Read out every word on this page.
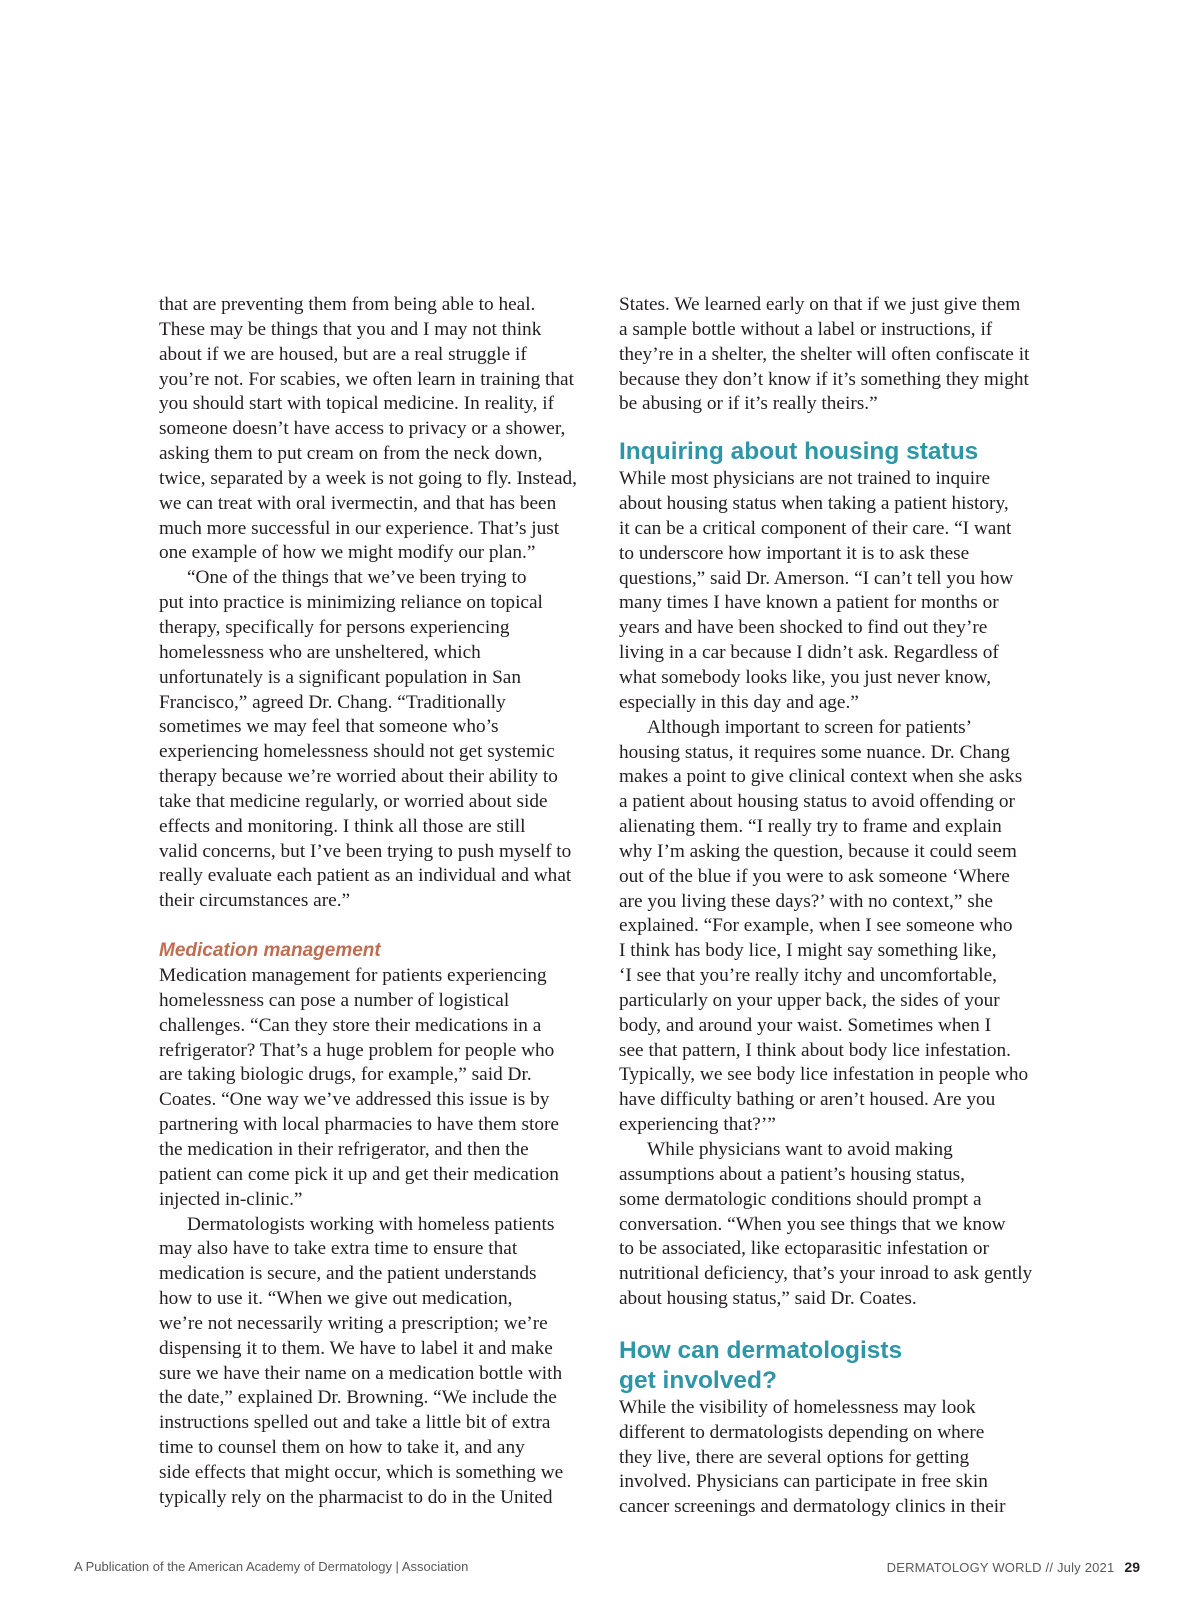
that are preventing them from being able to heal.
These may be things that you and I may not think
about if we are housed, but are a real struggle if
you’re not. For scabies, we often learn in training that
you should start with topical medicine. In reality, if
someone doesn’t have access to privacy or a shower,
asking them to put cream on from the neck down,
twice, separated by a week is not going to fly. Instead,
we can treat with oral ivermectin, and that has been
much more successful in our experience. That’s just
one example of how we might modify our plan.”

“One of the things that we’ve been trying to
put into practice is minimizing reliance on topical
therapy, specifically for persons experiencing
homelessness who are unsheltered, which
unfortunately is a significant population in San
Francisco,” agreed Dr. Chang. “Traditionally
sometimes we may feel that someone who’s
experiencing homelessness should not get systemic
therapy because we’re worried about their ability to
take that medicine regularly, or worried about side
effects and monitoring. I think all those are still
valid concerns, but I’ve been trying to push myself to
really evaluate each patient as an individual and what
their circumstances are.”

Medication management

Medication management for patients experiencing
homelessness can pose a number of logistical
challenges. “Can they store their medications in a
refrigerator? That’s a huge problem for people who
are taking biologic drugs, for example,” said Dr.
Coates. “One way we’ve addressed this issue is by
partnering with local pharmacies to have them store
the medication in their refrigerator, and then the
patient can come pick it up and get their medication
injected in-clinic.”

Dermatologists working with homeless patients
may also have to take extra time to ensure that
medication is secure, and the patient understands
how to use it. “When we give out medication,
we’re not necessarily writing a prescription; we’re
dispensing it to them. We have to label it and make
sure we have their name on a medication bottle with
the date,” explained Dr. Browning. “We include the
instructions spelled out and take a little bit of extra
time to counsel them on how to take it, and any
side effects that might occur, which is something we
typically rely on the pharmacist to do in the United

States. We learned early on that if we just give them
a sample bottle without a label or instructions, if
they’re in a shelter, the shelter will often confiscate it
because they don’t know if it’s something they might
be abusing or if it’s really theirs.”

Inquiring about housing status

While most physicians are not trained to inquire
about housing status when taking a patient history,
it can be a critical component of their care. “I want
to underscore how important it is to ask these
questions,” said Dr. Amerson. “I can’t tell you how
many times I have known a patient for months or
years and have been shocked to find out they’re
living in a car because I didn’t ask. Regardless of
what somebody looks like, you just never know,
especially in this day and age.”

Although important to screen for patients’
housing status, it requires some nuance. Dr. Chang
makes a point to give clinical context when she asks
a patient about housing status to avoid offending or
alienating them. “I really try to frame and explain
why I’m asking the question, because it could seem
out of the blue if you were to ask someone ‘Where
are you living these days?’ with no context,” she
explained. “For example, when I see someone who
I think has body lice, I might say something like,
‘I see that you’re really itchy and uncomfortable,
particularly on your upper back, the sides of your
body, and around your waist. Sometimes when I
see that pattern, I think about body lice infestation.
Typically, we see body lice infestation in people who
have difficulty bathing or aren’t housed. Are you
experiencing that?’”

While physicians want to avoid making
assumptions about a patient’s housing status,
some dermatologic conditions should prompt a
conversation. “When you see things that we know
to be associated, like ectoparasitic infestation or
nutritional deficiency, that’s your inroad to ask gently
about housing status,” said Dr. Coates.

How can dermatologists
get involved?

While the visibility of homelessness may look
different to dermatologists depending on where
they live, there are several options for getting
involved. Physicians can participate in free skin
cancer screenings and dermatology clinics in their

A Publication of the American Academy of Dermatology | Association	DERMATOLOGY WORLD // July 2021 29
